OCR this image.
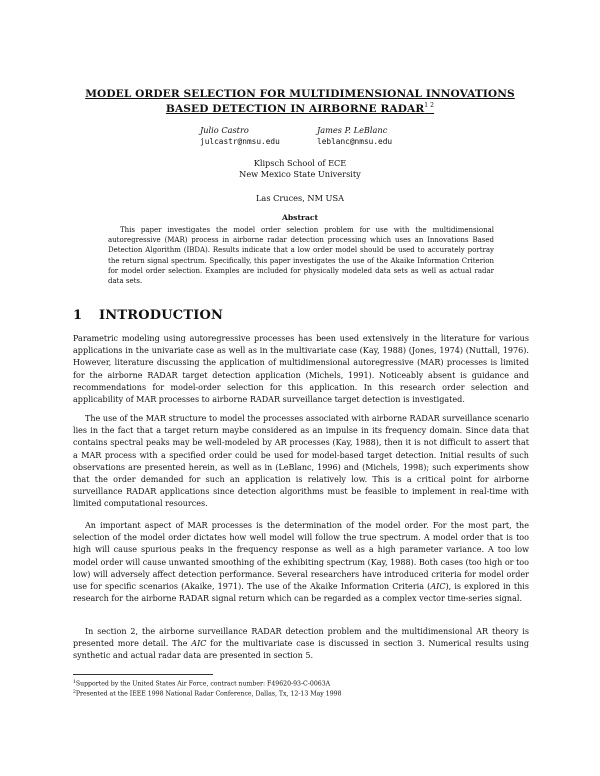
MODEL ORDER SELECTION FOR MULTIDIMENSIONAL INNOVATIONS
BASED DETECTION IN AIRBORNE $RADAR^{1 2}$
Julio Castro
julcastr@nmsu.edu
James P. LeBlanc
leblanc@nmsu.edu
Klipsch School of ECE
New Mexico State University
Las Cruces, NM USA
Abstract

This paper investigates the model order selection problem for use with the multidimensional autoregressive (MAR) process in airborne radar detection processing which uses an Innovations Based Detection Algorithm (IBDA). Results indicate that a low order model should be used to accurately portray the return signal spectrum. Specifically, this paper investigates the use of the Akaike Information Criterion for model order selection. Examples are included for physically modeled data sets as well as actual radar data sets.

1 INTRODUCTION

Parametric modeling using autoregressive processes has been used extensively in the literature for various applications in the univariate case as well as in the multivariate case (Kay, 1988) (Jones, 1974) (Nuttall, 1976). However, literature discussing the application of multidimensional autoregressive (MAR) processes is limited for the airborne RADAR target detection application (Michels, 1991). Noticeably absent is guidance and recommendations for model-order selection for this application. In this research order selection and applicability of MAR processes to airborne RADAR surveillance target detection is investigated.

The use of the MAR structure to model the processes associated with airborne RADAR surveillance scenario lies in the fact that a target return maybe considered as an impulse in its frequency domain. Since data that contains spectral peaks may be well-modeled by AR processes (Kay, 1988), then it is not difficult to assert that a MAR process with a specified order could be used for model-based target detection. Initial results of such observations are presented herein, as well as in (LeBlanc, 1996) and (Michels, 1998); such experiments show that the order demanded for such an application is relatively low. This is a critical point for airborne surveillance RADAR applications since detection algorithms must be feasible to implement in real-time with limited computational resources.

An important aspect of MAR processes is the determination of the model order. For the most part, the selection of the model order dictates how well model will follow the true spectrum. A model order that is too high will cause spurious peaks in the frequency response as well as a high parameter variance. A too low model order will cause unwanted smoothing of the exhibiting spectrum (Kay, 1988). Both cases (too high or too low) will adversely affect detection performance. Several researchers have introduced criteria for model order use for specific scenarios (Akaike, 1971). The use of the Akaike Information Criteria (AIC), is explored in this research for the airborne RADAR signal return which can be regarded as a complex vector time-series signal.

In section 2, the airborne surveillance RADAR detection problem and the multidimensional AR theory is presented more detail. The AIC for the multivariate case is discussed in section 3. Numerical results using synthetic and actual radar data are presented in section 5.

$^1$Supported by the United States Air Force, contract number: F49620-93-C-0063A
$^2$Presented at the IEEE 1998 National Radar Conference, Dallas, Tx, 12-13 May 1998
